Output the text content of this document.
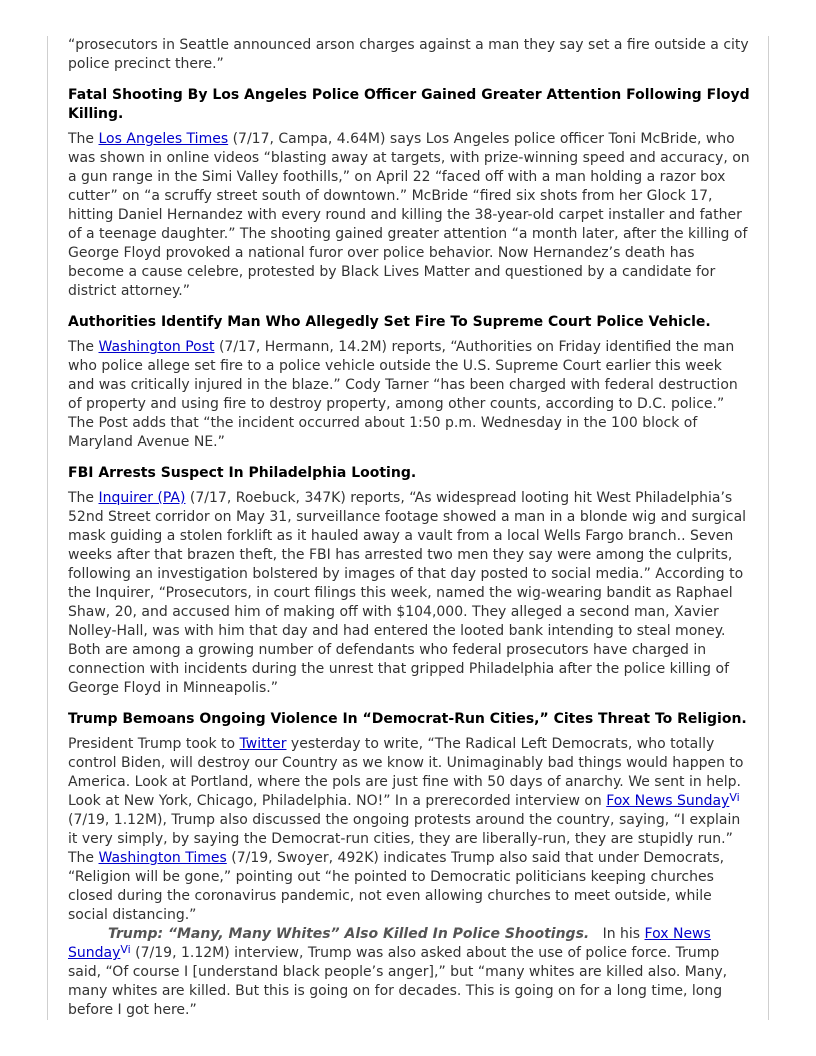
“prosecutors in Seattle announced arson charges against a man they say set a fire outside a city police precinct there.”

Fatal Shooting By Los Angeles Police Officer Gained Greater Attention Following Floyd Killing.

The Los Angeles Times (7/17, Campa, 4.64M) says Los Angeles police officer Toni McBride, who was shown in online videos “blasting away at targets, with prize-winning speed and accuracy, on a gun range in the Simi Valley foothills,” on April 22 “faced off with a man holding a razor box cutter” on “a scruffy street south of downtown.” McBride “fired six shots from her Glock 17, hitting Daniel Hernandez with every round and killing the 38-year-old carpet installer and father of a teenage daughter.” The shooting gained greater attention “a month later, after the killing of George Floyd provoked a national furor over police behavior. Now Hernandez’s death has become a cause celebre, protested by Black Lives Matter and questioned by a candidate for district attorney.”

Authorities Identify Man Who Allegedly Set Fire To Supreme Court Police Vehicle.

The Washington Post (7/17, Hermann, 14.2M) reports, “Authorities on Friday identified the man who police allege set fire to a police vehicle outside the U.S. Supreme Court earlier this week and was critically injured in the blaze.” Cody Tarner “has been charged with federal destruction of property and using fire to destroy property, among other counts, according to D.C. police.” The Post adds that “the incident occurred about 1:50 p.m. Wednesday in the 100 block of Maryland Avenue NE.”

FBI Arrests Suspect In Philadelphia Looting.

The Inquirer (PA) (7/17, Roebuck, 347K) reports, “As widespread looting hit West Philadelphia’s 52nd Street corridor on May 31, surveillance footage showed a man in a blonde wig and surgical mask guiding a stolen forklift as it hauled away a vault from a local Wells Fargo branch.. Seven weeks after that brazen theft, the FBI has arrested two men they say were among the culprits, following an investigation bolstered by images of that day posted to social media.” According to the Inquirer, “Prosecutors, in court filings this week, named the wig-wearing bandit as Raphael Shaw, 20, and accused him of making off with $104,000. They alleged a second man, Xavier Nolley-Hall, was with him that day and had entered the looted bank intending to steal money. Both are among a growing number of defendants who federal prosecutors have charged in connection with incidents during the unrest that gripped Philadelphia after the police killing of George Floyd in Minneapolis.”

Trump Bemoans Ongoing Violence In “Democrat-Run Cities,” Cites Threat To Religion.

President Trump took to Twitter yesterday to write, “The Radical Left Democrats, who totally control Biden, will destroy our Country as we know it. Unimaginably bad things would happen to America. Look at Portland, where the pols are just fine with 50 days of anarchy. We sent in help. Look at New York, Chicago, Philadelphia. NO!” In a prerecorded interview on Fox News Sunday$^{Vi}$ (7/19, 1.12M), Trump also discussed the ongoing protests around the country, saying, “I explain it very simply, by saying the Democrat-run cities, they are liberally-run, they are stupidly run.” The Washington Times (7/19, Swoyer, 492K) indicates Trump also said that under Democrats, “Religion will be gone,” pointing out “he pointed to Democratic politicians keeping churches closed during the coronavirus pandemic, not even allowing churches to meet outside, while social distancing.”

Trump: “Many, Many Whites” Also Killed In Police Shootings.   In his Fox News Sunday$^{Vi}$ (7/19, 1.12M) interview, Trump was also asked about the use of police force. Trump said, “Of course I [understand black people’s anger],” but “many whites are killed also. Many, many whites are killed. But this is going on for decades. This is going on for a long time, long before I got here.”
